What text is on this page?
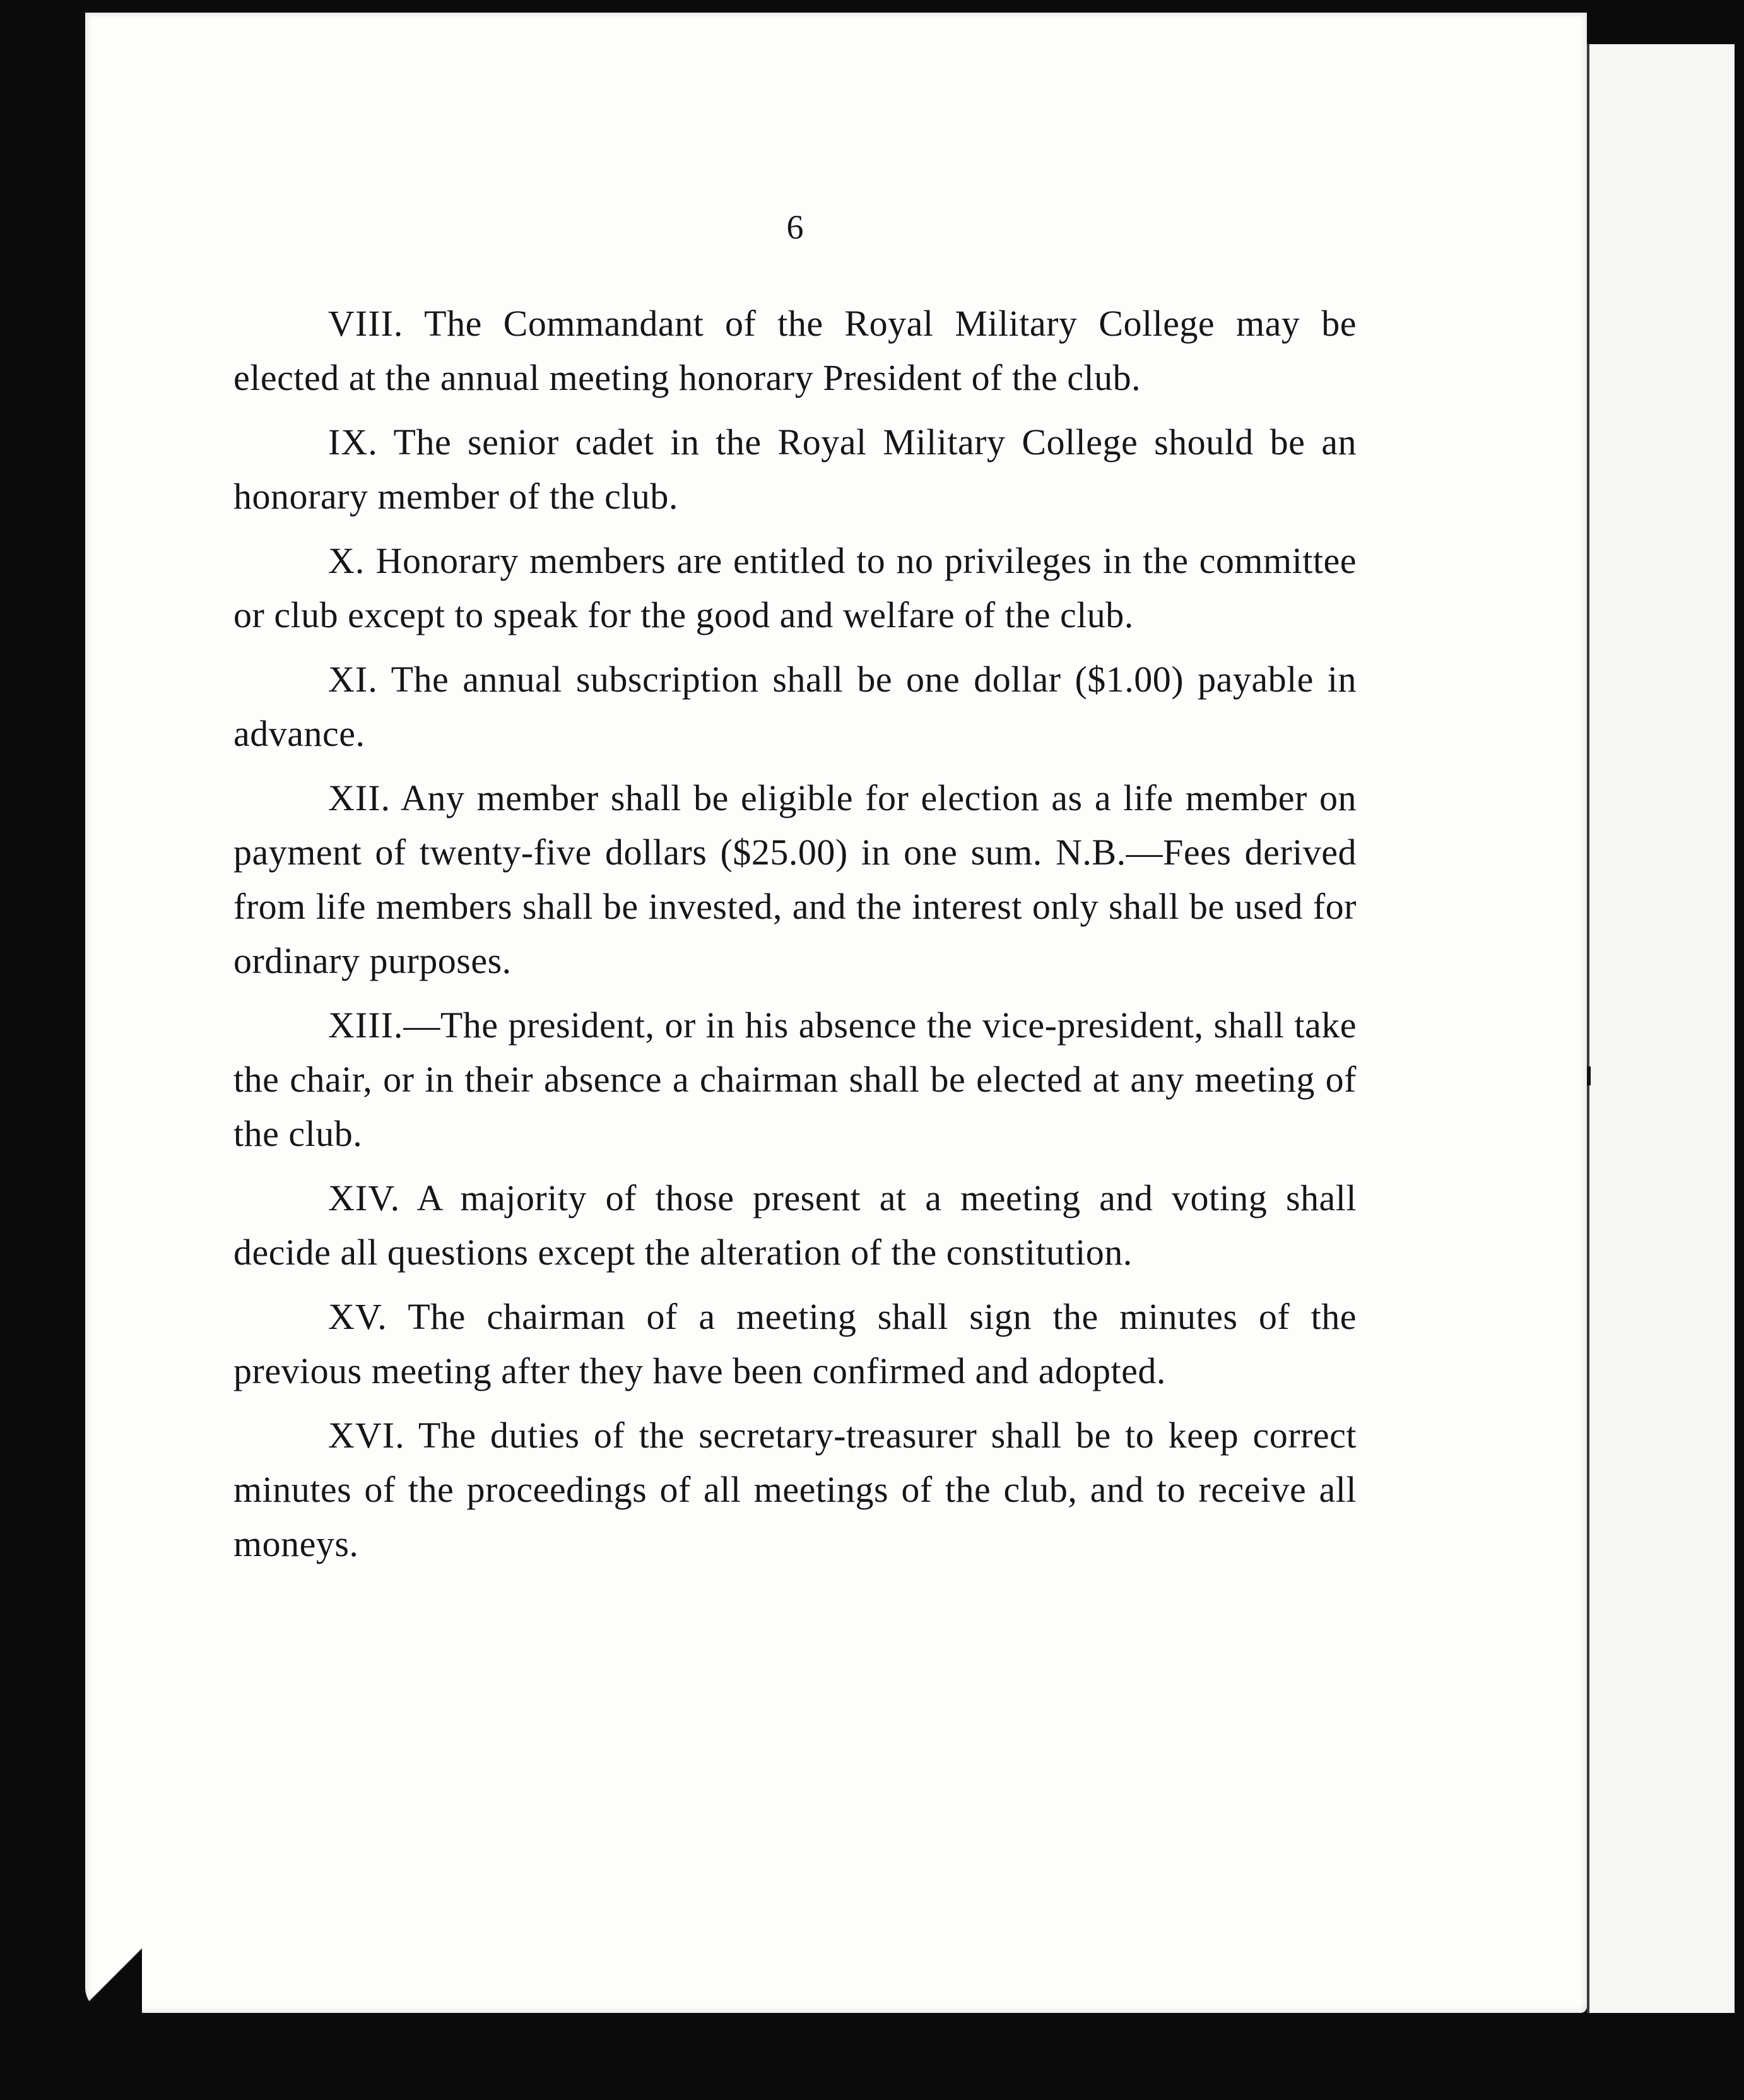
6

VIII. The Commandant of the Royal Military College may be elected at the annual meeting honorary President of the club.

IX. The senior cadet in the Royal Military College should be an honorary member of the club.

X. Honorary members are entitled to no privileges in the committee or club except to speak for the good and welfare of the club.

XI. The annual subscription shall be one dollar ($1.00) payable in advance.

XII. Any member shall be eligible for election as a life member on payment of twenty-five dollars ($25.00) in one sum. N.B.—Fees derived from life members shall be invested, and the interest only shall be used for ordinary purposes.

XIII.—The president, or in his absence the vice-president, shall take the chair, or in their absence a chairman shall be elected at any meeting of the club.

XIV. A majority of those present at a meeting and voting shall decide all questions except the alteration of the constitution.

XV. The chairman of a meeting shall sign the minutes of the previous meeting after they have been confirmed and adopted.

XVI. The duties of the secretary-treasurer shall be to keep correct minutes of the proceedings of all meetings of the club, and to receive all moneys.
